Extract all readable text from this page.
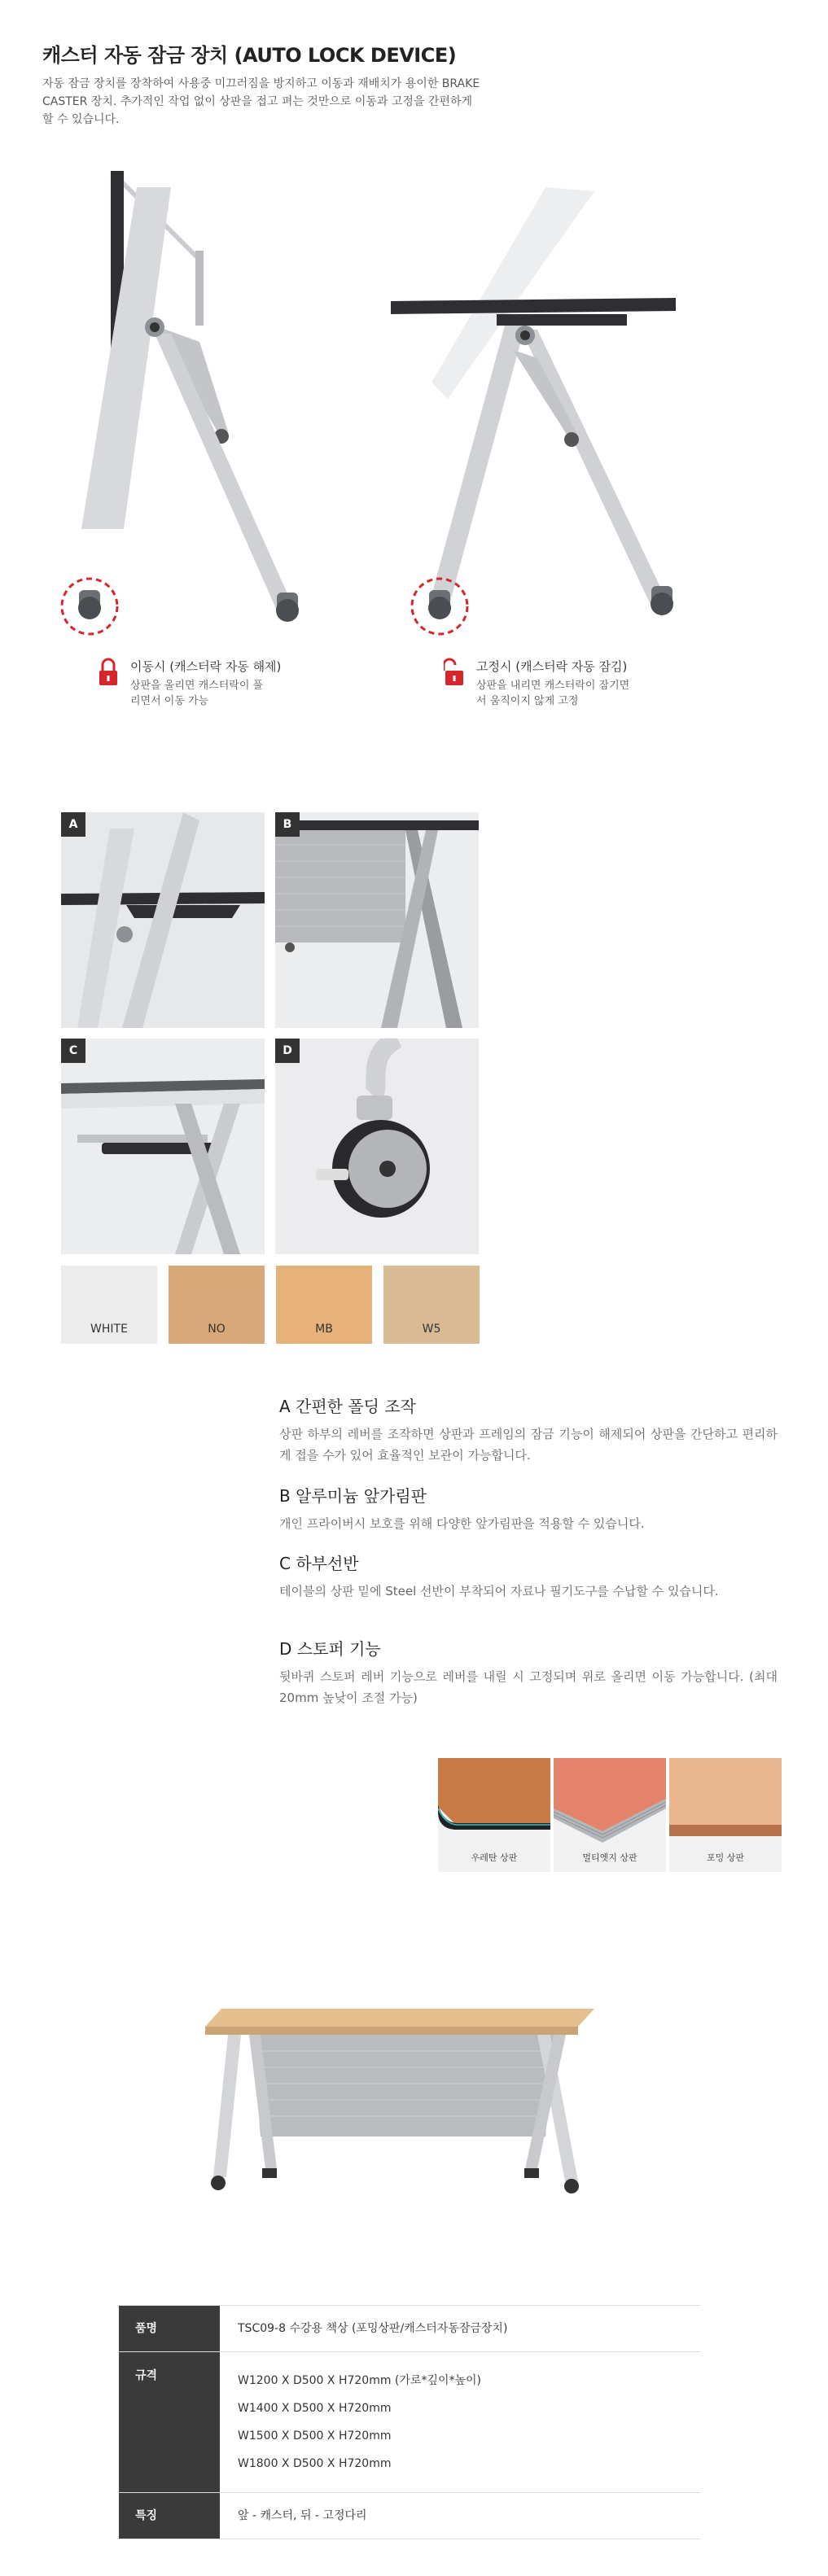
캐스터 자동 잠금 장치 (AUTO LOCK DEVICE)

자동 잠금 장치를 장착하여 사용중 미끄러짐을 방지하고 이동과 재배치가 용이한 BRAKE CASTER 장치. 추가적인 작업 없이 상판을 접고 펴는 것만으로 이동과 고정을 간편하게 할 수 있습니다.

이동시 (캐스터락 자동 해제)
상판을 올리면 캐스터락이 풀리면서 이동 가능
고정시 (캐스터락 자동 잠김)
상판을 내리면 캐스터락이 잠기면서 움직이지 않게 고정
A	B
C	D
WHITE	NO	MB	W5
A 간편한 폴딩 조작
상판 하부의 레버를 조작하면 상판과 프레임의 잠금 기능이 해제되어 상판을 간단하고 편리하게 접을 수가 있어 효율적인 보관이 가능합니다.
B 알루미늄 앞가림판
개인 프라이버시 보호를 위해 다양한 앞가림판을 적용할 수 있습니다.
C 하부선반
테이블의 상판 밑에 Steel 선반이 부착되어 자료나 필기도구를 수납할 수 있습니다.
D 스토퍼 기능
뒷바퀴 스토퍼 레버 기능으로 레버를 내릴 시 고정되며 위로 올리면 이동 가능합니다. (최대 20mm 높낮이 조절 가능)
우레탄 상판	멀티엣지 상판	포밍 상판
품명	TSC09-8 수강용 책상 (포밍상판/캐스터자동잠금장치)
규격	W1200 X D500 X H720mm (가로*깊이*높이)
W1400 X D500 X H720mm
W1500 X D500 X H720mm
W1800 X D500 X H720mm
특징	앞 - 캐스터, 뒤 - 고정다리
